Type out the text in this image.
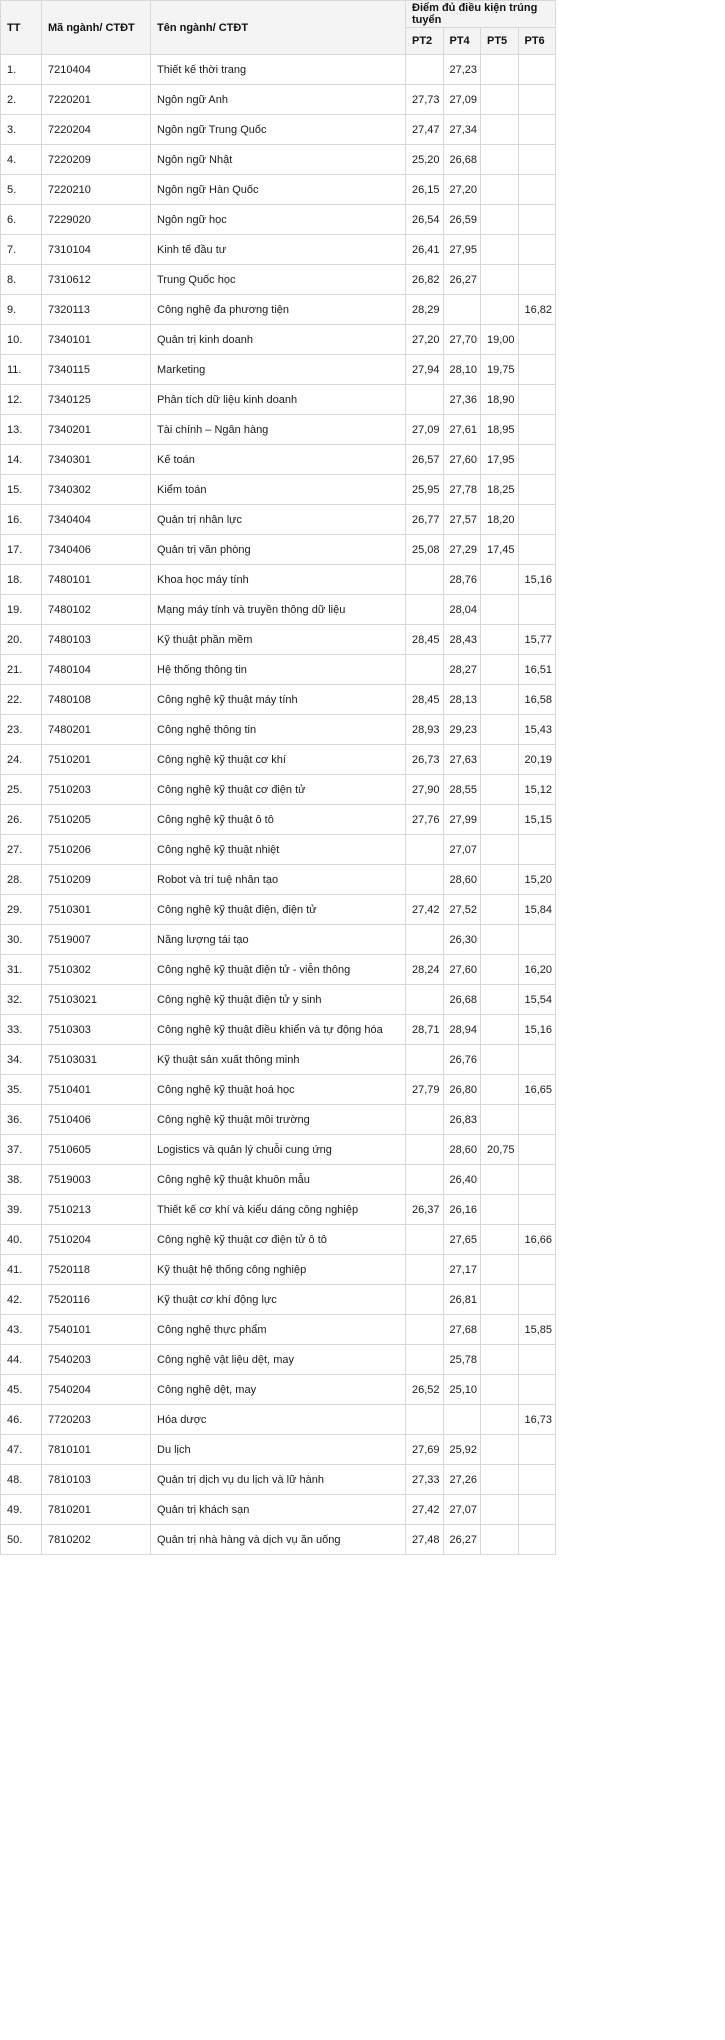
TT	Mã ngành/ CTĐT	Tên ngành/ CTĐT	Điểm đủ điều kiện trúng tuyển			
			PT2	PT4	PT5	PT6
1.	7210404	Thiết kế thời trang		27,23		
2.	7220201	Ngôn ngữ Anh	27,73	27,09		
3.	7220204	Ngôn ngữ Trung Quốc	27,47	27,34		
4.	7220209	Ngôn ngữ Nhật	25,20	26,68		
5.	7220210	Ngôn ngữ Hàn Quốc	26,15	27,20		
6.	7229020	Ngôn ngữ học	26,54	26,59		
7.	7310104	Kinh tế đầu tư	26,41	27,95		
8.	7310612	Trung Quốc học	26,82	26,27		
9.	7320113	Công nghệ đa phương tiện	28,29			16,82
10.	7340101	Quản trị kinh doanh	27,20	27,70	19,00	
11.	7340115	Marketing	27,94	28,10	19,75	
12.	7340125	Phân tích dữ liệu kinh doanh		27,36	18,90	
13.	7340201	Tài chính – Ngân hàng	27,09	27,61	18,95	
14.	7340301	Kế toán	26,57	27,60	17,95	
15.	7340302	Kiểm toán	25,95	27,78	18,25	
16.	7340404	Quản trị nhân lực	26,77	27,57	18,20	
17.	7340406	Quản trị văn phòng	25,08	27,29	17,45	
18.	7480101	Khoa học máy tính		28,76		15,16
19.	7480102	Mạng máy tính và truyền thông dữ liệu		28,04		
20.	7480103	Kỹ thuật phần mềm	28,45	28,43		15,77
21.	7480104	Hệ thống thông tin		28,27		16,51
22.	7480108	Công nghệ kỹ thuật máy tính	28,45	28,13		16,58
23.	7480201	Công nghệ thông tin	28,93	29,23		15,43
24.	7510201	Công nghệ kỹ thuật cơ khí	26,73	27,63		20,19
25.	7510203	Công nghệ kỹ thuật cơ điện tử	27,90	28,55		15,12
26.	7510205	Công nghệ kỹ thuật ô tô	27,76	27,99		15,15
27.	7510206	Công nghệ kỹ thuật nhiệt		27,07		
28.	7510209	Robot và trí tuệ nhân tạo		28,60		15,20
29.	7510301	Công nghệ kỹ thuật điện, điện tử	27,42	27,52		15,84
30.	7519007	Năng lượng tái tạo		26,30		
31.	7510302	Công nghệ kỹ thuật điện tử - viễn thông	28,24	27,60		16,20
32.	75103021	Công nghệ kỹ thuật điện tử y sinh		26,68		15,54
33.	7510303	Công nghệ kỹ thuật điều khiển và tự động hóa	28,71	28,94		15,16
34.	75103031	Kỹ thuật sản xuất thông minh		26,76		
35.	7510401	Công nghệ kỹ thuật hoá học	27,79	26,80		16,65
36.	7510406	Công nghệ kỹ thuật môi trường		26,83		
37.	7510605	Logistics và quản lý chuỗi cung ứng		28,60	20,75	
38.	7519003	Công nghệ kỹ thuật khuôn mẫu		26,40		
39.	7510213	Thiết kế cơ khí và kiểu dáng công nghiệp	26,37	26,16		
40.	7510204	Công nghệ kỹ thuật cơ điện tử ô tô		27,65		16,66
41.	7520118	Kỹ thuật hệ thống công nghiệp		27,17		
42.	7520116	Kỹ thuật cơ khí động lực		26,81		
43.	7540101	Công nghệ thực phẩm		27,68		15,85
44.	7540203	Công nghệ vật liệu dệt, may		25,78		
45.	7540204	Công nghệ dệt, may	26,52	25,10		
46.	7720203	Hóa dược				16,73
47.	7810101	Du lịch	27,69	25,92		
48.	7810103	Quản trị dịch vụ du lịch và lữ hành	27,33	27,26		
49.	7810201	Quản trị khách sạn	27,42	27,07		
50.	7810202	Quản trị nhà hàng và dịch vụ ăn uống	27,48	26,27		
